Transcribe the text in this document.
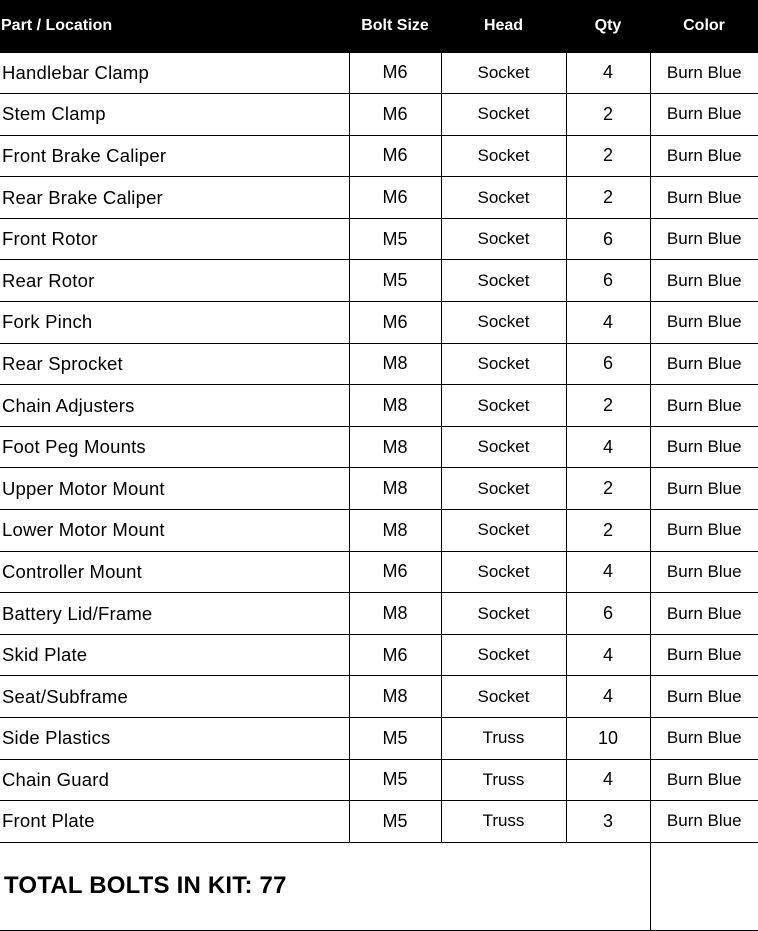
Part / Location	Bolt Size	Head	Qty	Color
Handlebar Clamp	M6	Socket	4	Burn Blue
Stem Clamp	M6	Socket	2	Burn Blue
Front Brake Caliper	M6	Socket	2	Burn Blue
Rear Brake Caliper	M6	Socket	2	Burn Blue
Front Rotor	M5	Socket	6	Burn Blue
Rear Rotor	M5	Socket	6	Burn Blue
Fork Pinch	M6	Socket	4	Burn Blue
Rear Sprocket	M8	Socket	6	Burn Blue
Chain Adjusters	M8	Socket	2	Burn Blue
Foot Peg Mounts	M8	Socket	4	Burn Blue
Upper Motor Mount	M8	Socket	2	Burn Blue
Lower Motor Mount	M8	Socket	2	Burn Blue
Controller Mount	M6	Socket	4	Burn Blue
Battery Lid/Frame	M8	Socket	6	Burn Blue
Skid Plate	M6	Socket	4	Burn Blue
Seat/Subframe	M8	Socket	4	Burn Blue
Side Plastics	M5	Truss	10	Burn Blue
Chain Guard	M5	Truss	4	Burn Blue
Front Plate	M5	Truss	3	Burn Blue
TOTAL BOLTS IN KIT: 77				
